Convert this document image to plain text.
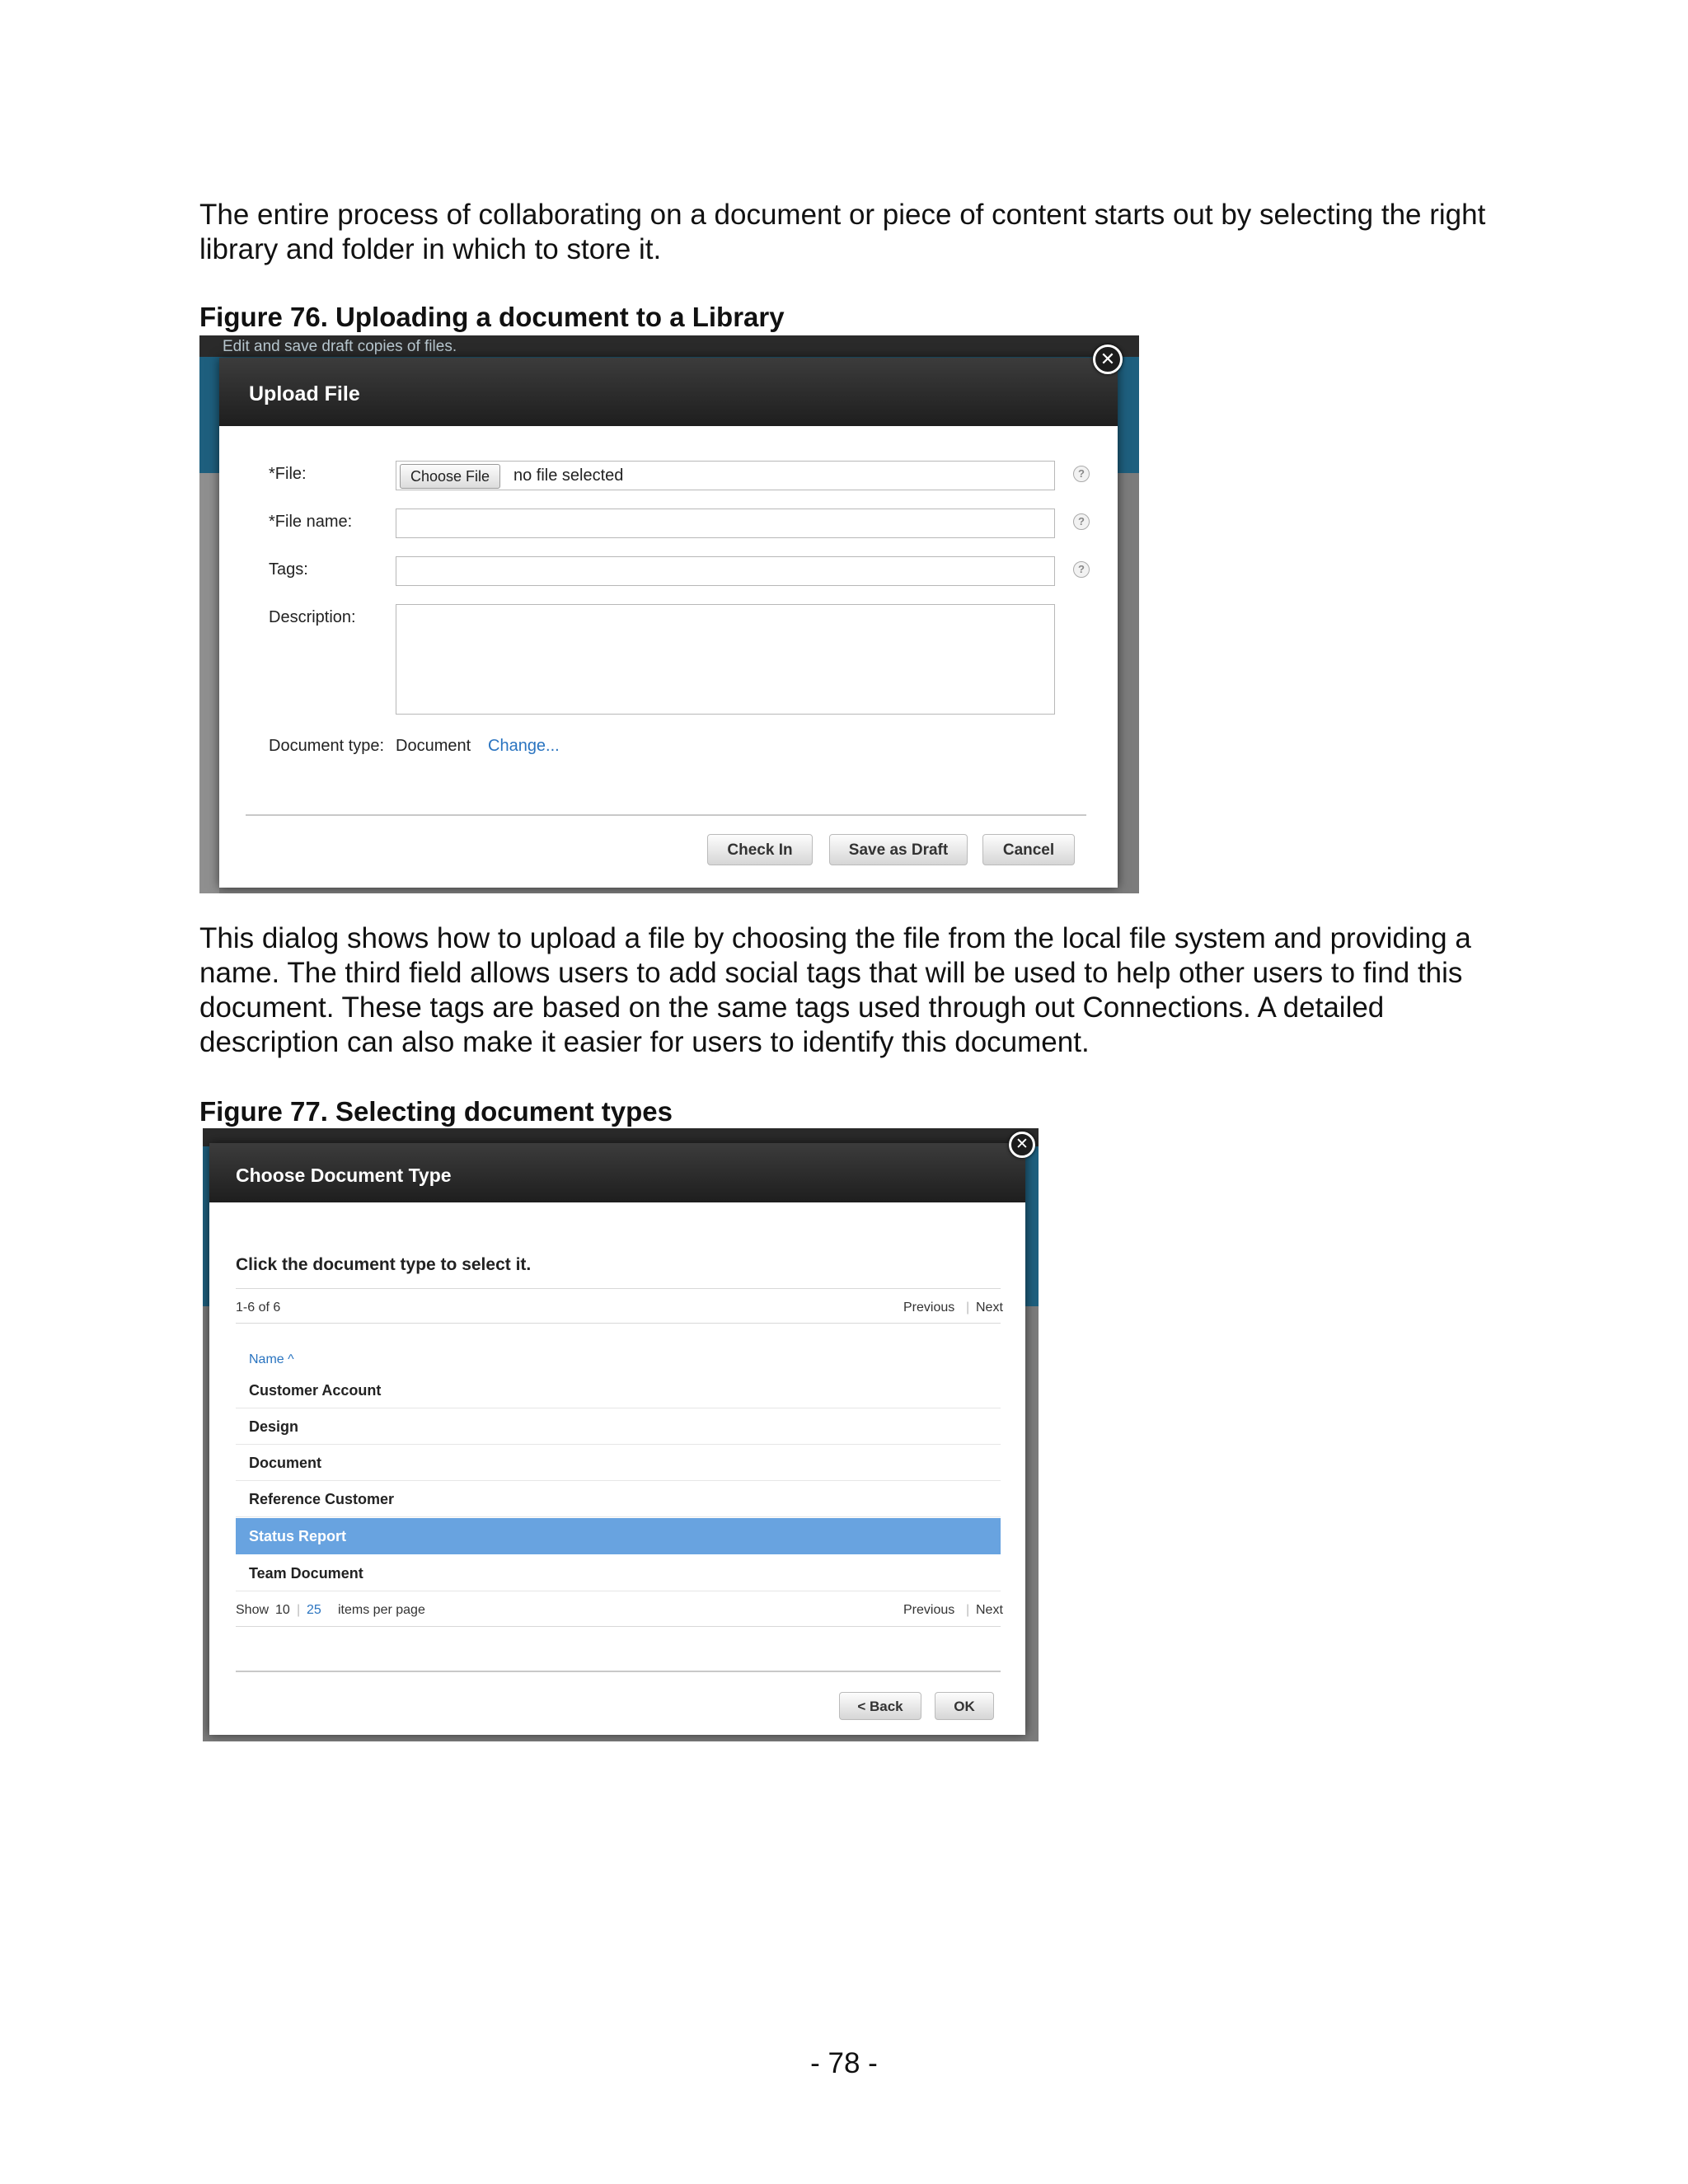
The entire process of collaborating on a document or piece of content starts out by selecting the right library and folder in which to store it.

Figure 76. Uploading a document to a Library

Edit and save draft copies of files.
Upload File
*File:	Choose File	no file selected	?
*File name:	?
Tags:	?
Description:
Document type: Document Change...
Check In	Save as Draft	Cancel
✕

This dialog shows how to upload a file by choosing the file from the local file system and providing a name. The third field allows users to add social tags that will be used to help other users to find this document. These tags are based on the same tags used through out Connections. A detailed description can also make it easier for users to identify this document.

Figure 77. Selecting document types

Choose Document Type
Click the document type to select it.
1-6 of 6	Previous | Next
Name ^
Customer Account
Design
Document
Reference Customer
Status Report
Team Document
Show 10 | 25 items per page	Previous | Next
< Back	OK
✕
- 78 -
